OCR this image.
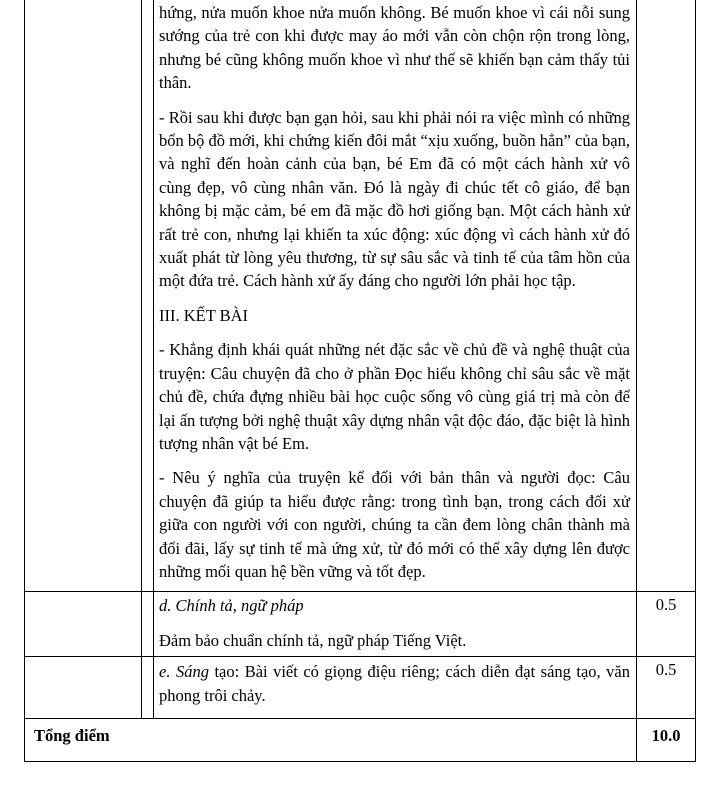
		hứng, nửa muốn khoe nửa muốn không. Bé muốn khoe vì cái nỗi sung sướng của trẻ con khi được may áo mới vẫn còn chộn rộn trong lòng, nhưng bé cũng không muốn khoe vì như thế sẽ khiến bạn cảm thấy tủi thân.

- Rồi sau khi được bạn gạn hỏi, sau khi phải nói ra việc mình có những bốn bộ đồ mới, khi chứng kiến đôi mắt “xịu xuống, buồn hẳn” của bạn, và nghĩ đến hoàn cảnh của bạn, bé Em đã có một cách hành xử vô cùng đẹp, vô cùng nhân văn. Đó là ngày đi chúc tết cô giáo, để bạn không bị mặc cảm, bé em đã mặc đồ hơi giống bạn. Một cách hành xử rất trẻ con, nhưng lại khiến ta xúc động: xúc động vì cách hành xử đó xuất phát từ lòng yêu thương, từ sự sâu sắc và tinh tế của tâm hồn của một đứa trẻ. Cách hành xử ấy đáng cho người lớn phải học tập.

III. KẾT BÀI

- Khẳng định khái quát những nét đặc sắc về chủ đề và nghệ thuật của truyện: Câu chuyện đã cho ở phần Đọc hiểu không chỉ sâu sắc về mặt chủ đề, chứa đựng nhiều bài học cuộc sống vô cùng giá trị mà còn để lại ấn tượng bởi nghệ thuật xây dựng nhân vật độc đáo, đặc biệt là hình tượng nhân vật bé Em.

- Nêu ý nghĩa của truyện kể đối với bản thân và người đọc: Câu chuyện đã giúp ta hiểu được rằng: trong tình bạn, trong cách đối xử giữa con người với con người, chúng ta cần đem lòng chân thành mà đối đãi, lấy sự tinh tế mà ứng xử, từ đó mới có thể xây dựng lên được những mối quan hệ bền vững và tốt đẹp.	

		d. Chính tả, ngữ pháp

Đảm bảo chuẩn chính tả, ngữ pháp Tiếng Việt.	0.5

		e. Sáng tạo: Bài viết có giọng điệu riêng; cách diễn đạt sáng tạo, văn phong trôi chảy.	0.5
Tổng điểm			10.0
